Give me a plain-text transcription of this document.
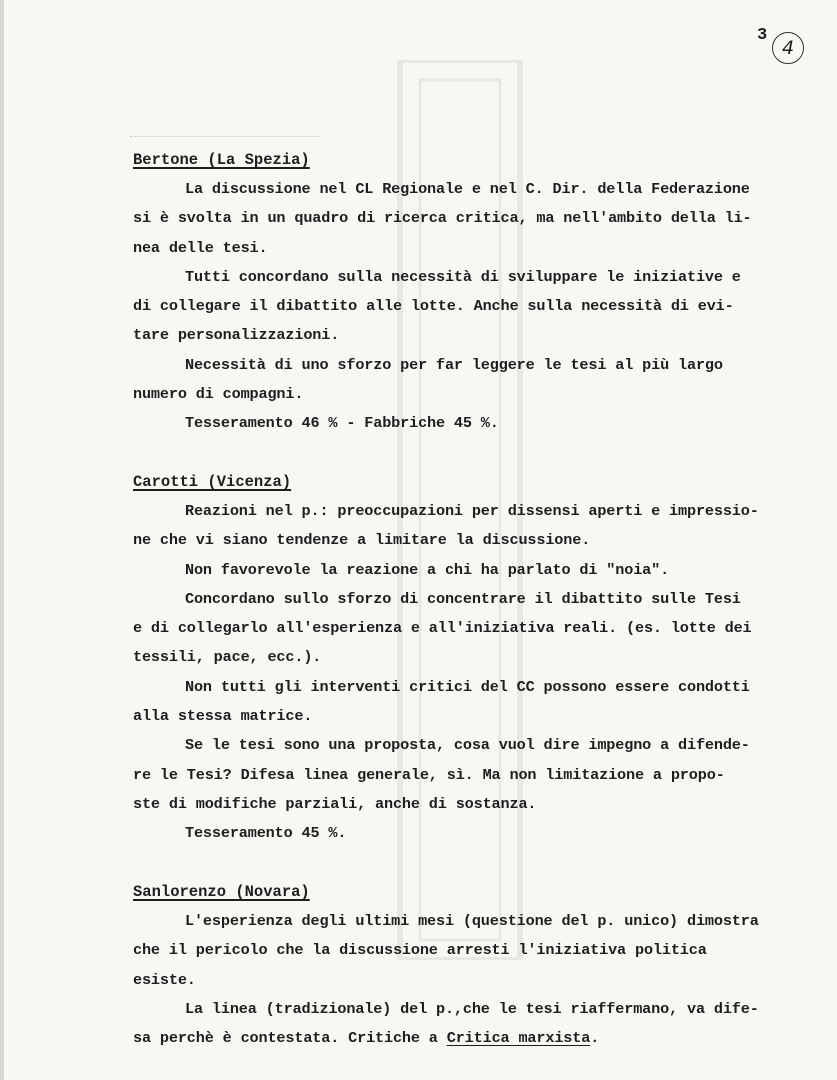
3
4
Bertone (La Spezia)

La discussione nel CL Regionale e nel C. Dir. della Federazione
si è svolta in un quadro di ricerca critica, ma nell'ambito della li-
nea delle tesi.

Tutti concordano sulla necessità di sviluppare le iniziative e
di collegare il dibattito alle lotte. Anche sulla necessità di evi-
tare personalizzazioni.

Necessità di uno sforzo per far leggere le tesi al più largo
numero di compagni.

Tesseramento 46 % - Fabbriche 45 %.

Carotti (Vicenza)

Reazioni nel p.: preoccupazioni per dissensi aperti e impressio-
ne che vi siano tendenze a limitare la discussione.

Non favorevole la reazione a chi ha parlato di "noia".

Concordano sullo sforzo di concentrare il dibattito sulle Tesi
e di collegarlo all'esperienza e all'iniziativa reali. (es. lotte dei
tessili, pace, ecc.).

Non tutti gli interventi critici del CC possono essere condotti
alla stessa matrice.

Se le tesi sono una proposta, cosa vuol dire impegno a difende-
re le Tesi? Difesa linea generale, sì. Ma non limitazione a propo-
ste di modifiche parziali, anche di sostanza.

Tesseramento 45 %.

Sanlorenzo (Novara)

L'esperienza degli ultimi mesi (questione del p. unico) dimostra
che il pericolo che la discussione arresti l'iniziativa politica
esiste.

La linea (tradizionale) del p.,che le tesi riaffermano, va dife-
sa perchè è contestata. Critiche a Critica marxista.
